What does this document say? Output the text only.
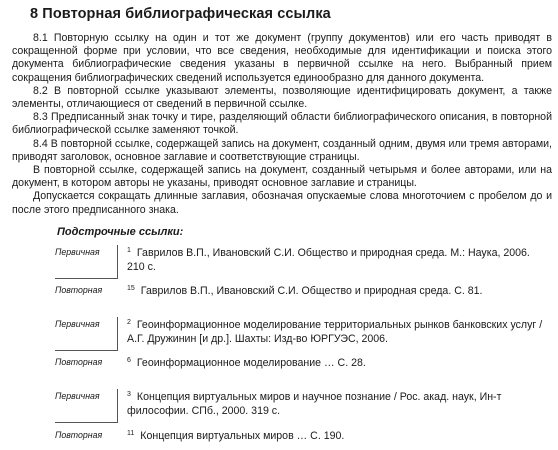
8 Повторная библиографическая ссылка

8.1 Повторную ссылку на один и тот же документ (группу документов) или его часть приводят в сокращенной форме при условии, что все сведения, необходимые для идентификации и поиска этого документа библиографические сведения указаны в первичной ссылке на него. Выбранный прием сокращения библиографических сведений используется единообразно для данного документа.

8.2 В повторной ссылке указывают элементы, позволяющие идентифицировать документ, а также элементы, отличающиеся от сведений в первичной ссылке.

8.3 Предписанный знак точку и тире, разделяющий области библиографического описания, в повторной библиографической ссылке заменяют точкой.

8.4 В повторной ссылке, содержащей запись на документ, созданный одним, двумя или тремя авторами, приводят заголовок, основное заглавие и соответствующие страницы.

В повторной ссылке, содержащей запись на документ, созданный четырьмя и более авторами, или на документ, в котором авторы не указаны, приводят основное заглавие и страницы.

Допускается сокращать длинные заглавия, обозначая опускаемые слова многоточием с пробелом до и после этого предписанного знака.

Подстрочные ссылки:
Первичная	$^1$ Гаврилов В.П., Ивановский С.И. Общество и природная среда. М.: Наука, 2006. 210 с.
Повторная	$^{15}$ Гаврилов В.П., Ивановский С.И. Общество и природная среда. С. 81.
Первичная	$^2$ Геоинформационное моделирование территориальных рынков банковских услуг / А.Г. Дружинин [и др.]. Шахты: Изд-во ЮРГУЭС, 2006.
Повторная	$^6$ Геоинформационное моделирование … С. 28.
Первичная	$^3$ Концепция виртуальных миров и научное познание / Рос. акад. наук, Ин-т философии. СПб., 2000. 319 с.
Повторная	$^{11}$ Концепция виртуальных миров … С. 190.
